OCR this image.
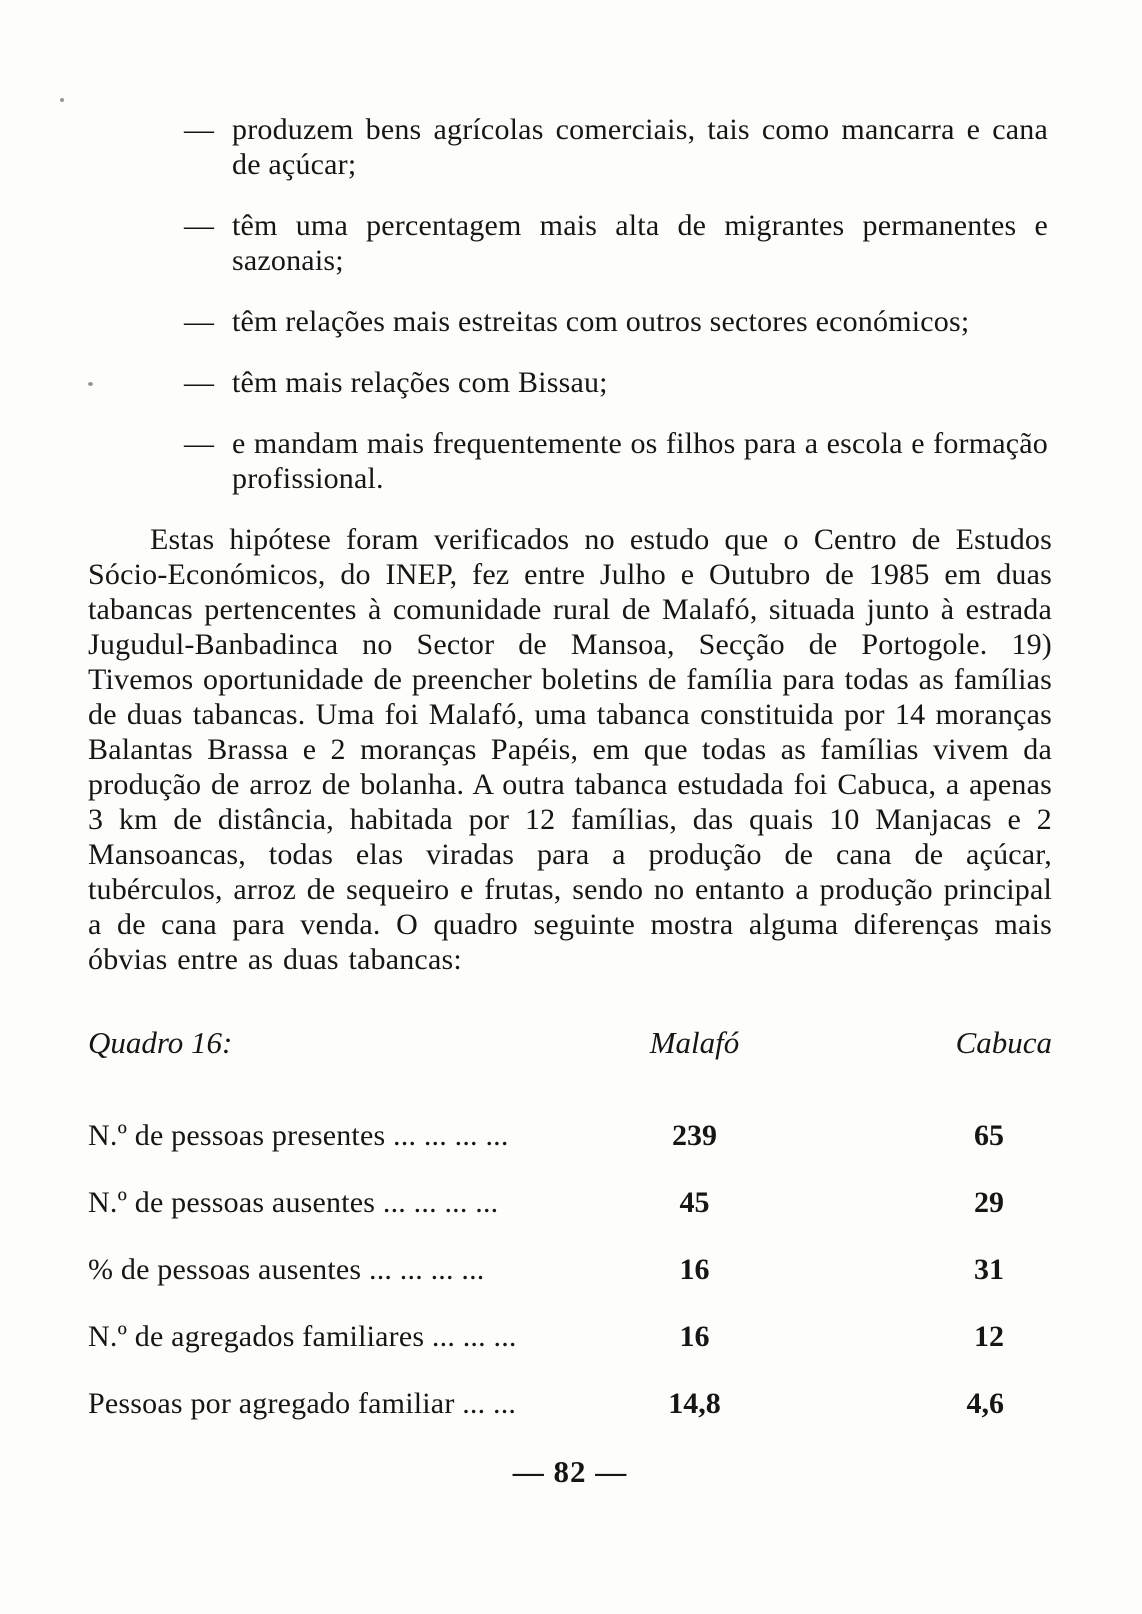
— produzem bens agrícolas comerciais, tais como mancarra e cana de açúcar;
— têm uma percentagem mais alta de migrantes permanentes e sazonais;
— têm relações mais estreitas com outros sectores económicos;
— têm mais relações com Bissau;
— e mandam mais frequentemente os filhos para a escola e formação profissional.

Estas hipótese foram verificados no estudo que o Centro de Estudos Sócio-Económicos, do INEP, fez entre Julho e Outubro de 1985 em duas tabancas pertencentes à comunidade rural de Malafó, situada junto à estrada Jugudul-Banbadinca no Sector de Mansoa, Secção de Portogole. 19) Tivemos oportunidade de preencher boletins de família para todas as famílias de duas tabancas. Uma foi Malafó, uma tabanca constituida por 14 moranças Balantas Brassa e 2 moranças Papéis, em que todas as famílias vivem da produção de arroz de bolanha. A outra tabanca estudada foi Cabuca, a apenas 3 km de distância, habitada por 12 famílias, das quais 10 Manjacas e 2 Mansoancas, todas elas viradas para a produção de cana de açúcar, tubérculos, arroz de sequeiro e frutas, sendo no entanto a produção principal a de cana para venda. O quadro seguinte mostra alguma diferenças mais óbvias entre as duas tabancas:

Quadro 16:	Malafó	Cabuca
N.º de pessoas presentes ... ... ... ...	239	65
N.º de pessoas ausentes ... ... ... ...	45	29
% de pessoas ausentes ... ... ... ...	16	31
N.º de agregados familiares ... ... ...	16	12
Pessoas por agregado familiar ... ...	14,8	4,6
— 82 —
